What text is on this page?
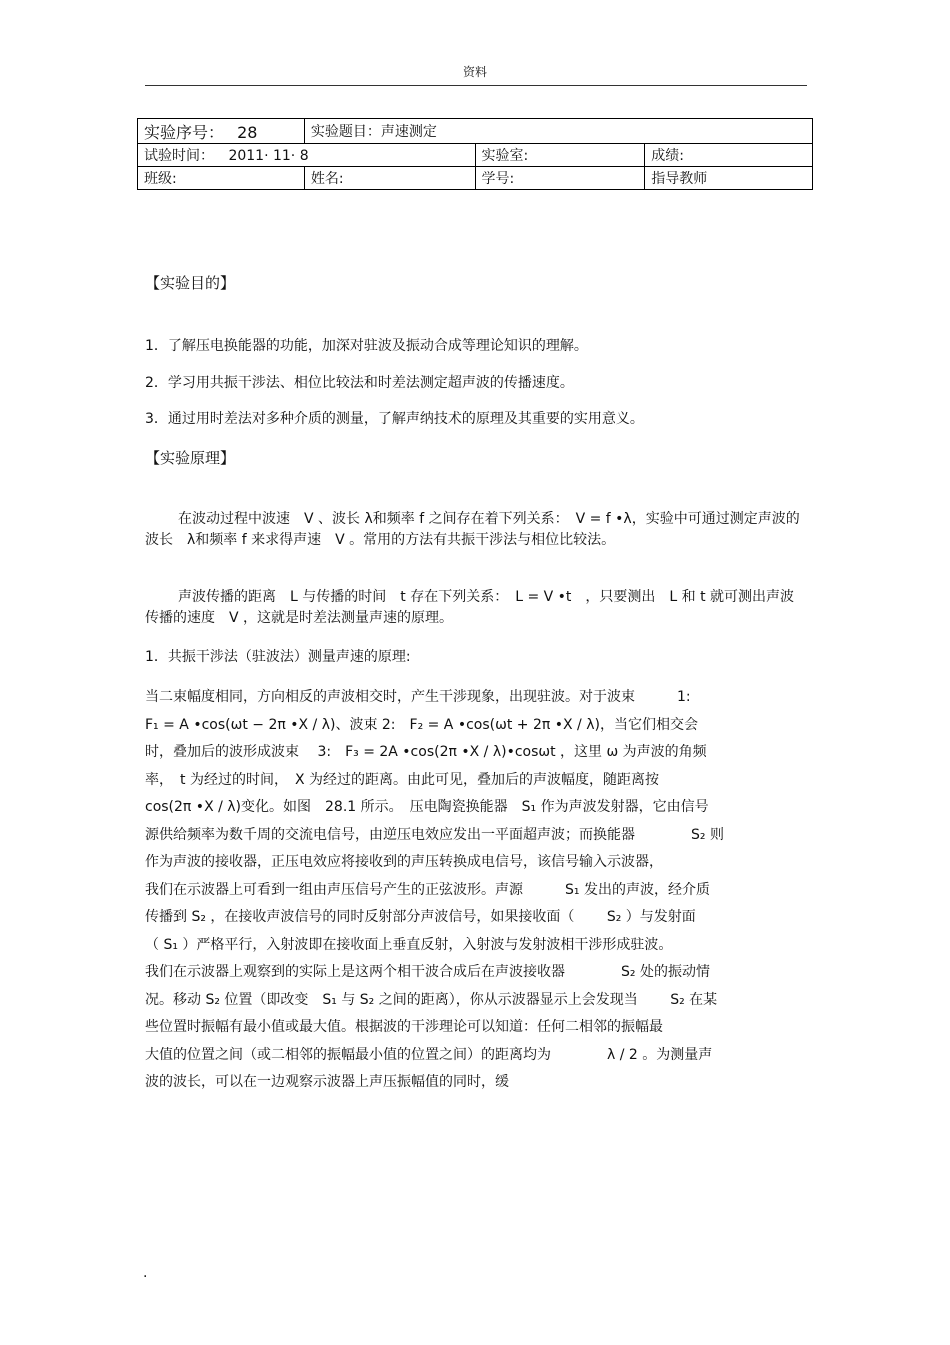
资料
实验序号： 28	实验题目：声速测定		
试验时间： 2011· 11· 8		实验室:	成绩:
班级:	姓名:	学号:	指导教师
【实验目的】
1．了解压电换能器的功能，加深对驻波及振动合成等理论知识的理解。
2．学习用共振干涉法、相位比较法和时差法测定超声波的传播速度。
3．通过用时差法对多种介质的测量，了解声纳技术的原理及其重要的实用意义。
【实验原理】

在波动过程中波速　V 、波长 λ和频率 f 之间存在着下列关系：　V = f •λ，实验中可通过测定声波的波长　λ和频率 f 来求得声速　V 。常用的方法有共振干涉法与相位比较法。

声波传播的距离　L 与传播的时间　t 存在下列关系：　L = V •t　，只要测出　L 和 t 就可测出声波传播的速度　V ，这就是时差法测量声速的原理。

1．共振干涉法（驻波法）测量声速的原理:

当二束幅度相同，方向相反的声波相交时，产生干涉现象，出现驻波。对于波束　　　1:

F₁ = A •cos(ωt − 2π •X / λ)、波束 2:　F₂ = A •cos(ωt + 2π •X / λ)，当它们相交会

时，叠加后的波形成波束　 3:　F₃ = 2A •cos(2π •X / λ)•cosωt ，这里 ω 为声波的角频

率，　t 为经过的时间，　X 为经过的距离。由此可见，叠加后的声波幅度，随距离按

cos(2π •X / λ)变化。如图　28.1 所示。　压电陶瓷换能器　S₁ 作为声波发射器，它由信号

源供给频率为数千周的交流电信号，由逆压电效应发出一平面超声波；而换能器　　　　S₂ 则

作为声波的接收器，正压电效应将接收到的声压转换成电信号，该信号输入示波器，

我们在示波器上可看到一组由声压信号产生的正弦波形。声源　　　S₁ 发出的声波，经介质

传播到 S₂ ，在接收声波信号的同时反射部分声波信号，如果接收面（　　 S₂ ）与发射面

（ S₁ ）严格平行，入射波即在接收面上垂直反射，入射波与发射波相干涉形成驻波。

我们在示波器上观察到的实际上是这两个相干波合成后在声波接收器　　　　S₂ 处的振动情

况。移动 S₂ 位置（即改变　S₁ 与 S₂ 之间的距离），你从示波器显示上会发现当　　 S₂ 在某

些位置时振幅有最小值或最大值。根据波的干涉理论可以知道：任何二相邻的振幅最

大值的位置之间（或二相邻的振幅最小值的位置之间）的距离均为　　　　λ / 2 。为测量声

波的波长，可以在一边观察示波器上声压振幅值的同时，缓

.
